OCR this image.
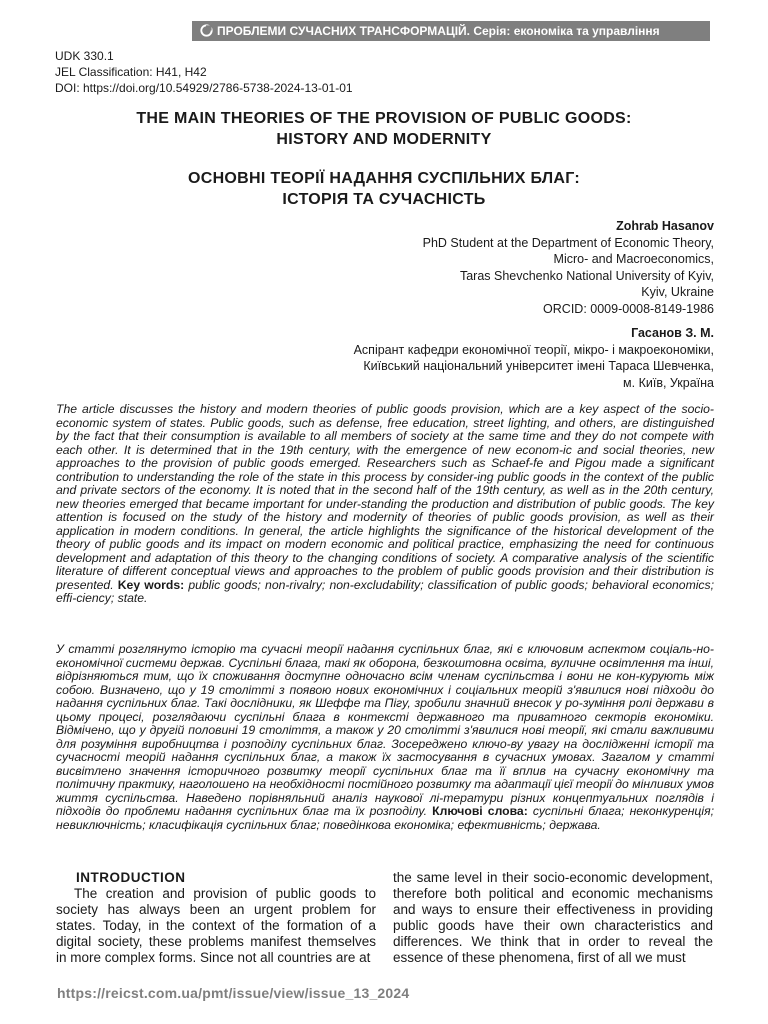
ПРОБЛЕМИ СУЧАСНИХ ТРАНСФОРМАЦІЙ. Серія: економіка та управління
UDK 330.1
JEL Classification: H41, H42
DOI: https://doi.org/10.54929/2786-5738-2024-13-01-01
THE MAIN THEORIES OF THE PROVISION OF PUBLIC GOODS:
HISTORY AND MODERNITY
ОСНОВНІ ТЕОРІЇ НАДАННЯ СУСПІЛЬНИХ БЛАГ:
ІСТОРІЯ ТА СУЧАСНІСТЬ
Zohrab Hasanov
PhD Student at the Department of Economic Theory,
Micro- and Macroeconomics,
Taras Shevchenko National University of Kyiv,
Kyiv, Ukraine
ORCID: 0009-0008-8149-1986
Гасанов З. М.
Аспірант кафедри економічної теорії, мікро- і макроекономіки,
Київський національний університет імені Тараса Шевченка,
м. Київ, Україна
The article discusses the history and modern theories of public goods provision, which are a key aspect of the socio-economic system of states. Public goods, such as defense, free education, street lighting, and others, are distinguished by the fact that their consumption is available to all members of society at the same time and they do not compete with each other. It is determined that in the 19th century, with the emergence of new econom-ic and social theories, new approaches to the provision of public goods emerged. Researchers such as Schaef-fe and Pigou made a significant contribution to understanding the role of the state in this process by consider-ing public goods in the context of the public and private sectors of the economy. It is noted that in the second half of the 19th century, as well as in the 20th century, new theories emerged that became important for under-standing the production and distribution of public goods. The key attention is focused on the study of the history and modernity of theories of public goods provision, as well as their application in modern conditions. In general, the article highlights the significance of the historical development of the theory of public goods and its impact on modern economic and political practice, emphasizing the need for continuous development and adaptation of this theory to the changing conditions of society. A comparative analysis of the scientific literature of different conceptual views and approaches to the problem of public goods provision and their distribution is presented. Key words: public goods; non-rivalry; non-excludability; classification of public goods; behavioral economics; effi-ciency; state.
У статті розглянуто історію та сучасні теорії надання суспільних благ, які є ключовим аспектом соціаль-но-економічної системи держав. Суспільні блага, такі як оборона, безкоштовна освіта, вуличне освітлення та інші, відрізняються тим, що їх споживання доступне одночасно всім членам суспільства і вони не кон-курують між собою. Визначено, що у 19 столітті з появою нових економічних і соціальних теорій з'явилися нові підходи до надання суспільних благ. Такі дослідники, як Шеффе та Пігу, зробили значний внесок у ро-зуміння ролі держави в цьому процесі, розглядаючи суспільні блага в контексті державного та приватного секторів економіки. Відмічено, що у другій половині 19 століття, а також у 20 столітті з'явилися нові теорії, які стали важливими для розуміння виробництва і розподілу суспільних благ. Зосереджено ключо-ву увагу на дослідженні історії та сучасності теорій надання суспільних благ, а також їх застосування в сучасних умовах. Загалом у статті висвітлено значення історичного розвитку теорії суспільних благ та її вплив на сучасну економічну та політичну практику, наголошено на необхідності постійного розвитку та адаптації цієї теорії до мінливих умов життя суспільства. Наведено порівняльний аналіз наукової лі-тератури різних концептуальних поглядів і підходів до проблеми надання суспільних благ та їх розподілу. Ключові слова: суспільні блага; неконкуренція; невиключність; класифікація суспільних благ; поведінкова економіка; ефективність; держава.
INTRODUCTION
The creation and provision of public goods to society has always been an urgent problem for states. Today, in the context of the formation of a digital society, these problems manifest themselves in more complex forms. Since not all countries are at
the same level in their socio-economic development, therefore both political and economic mechanisms and ways to ensure their effectiveness in providing public goods have their own characteristics and differences. We think that in order to reveal the essence of these phenomena, first of all we must
https://reicst.com.ua/pmt/issue/view/issue_13_2024
